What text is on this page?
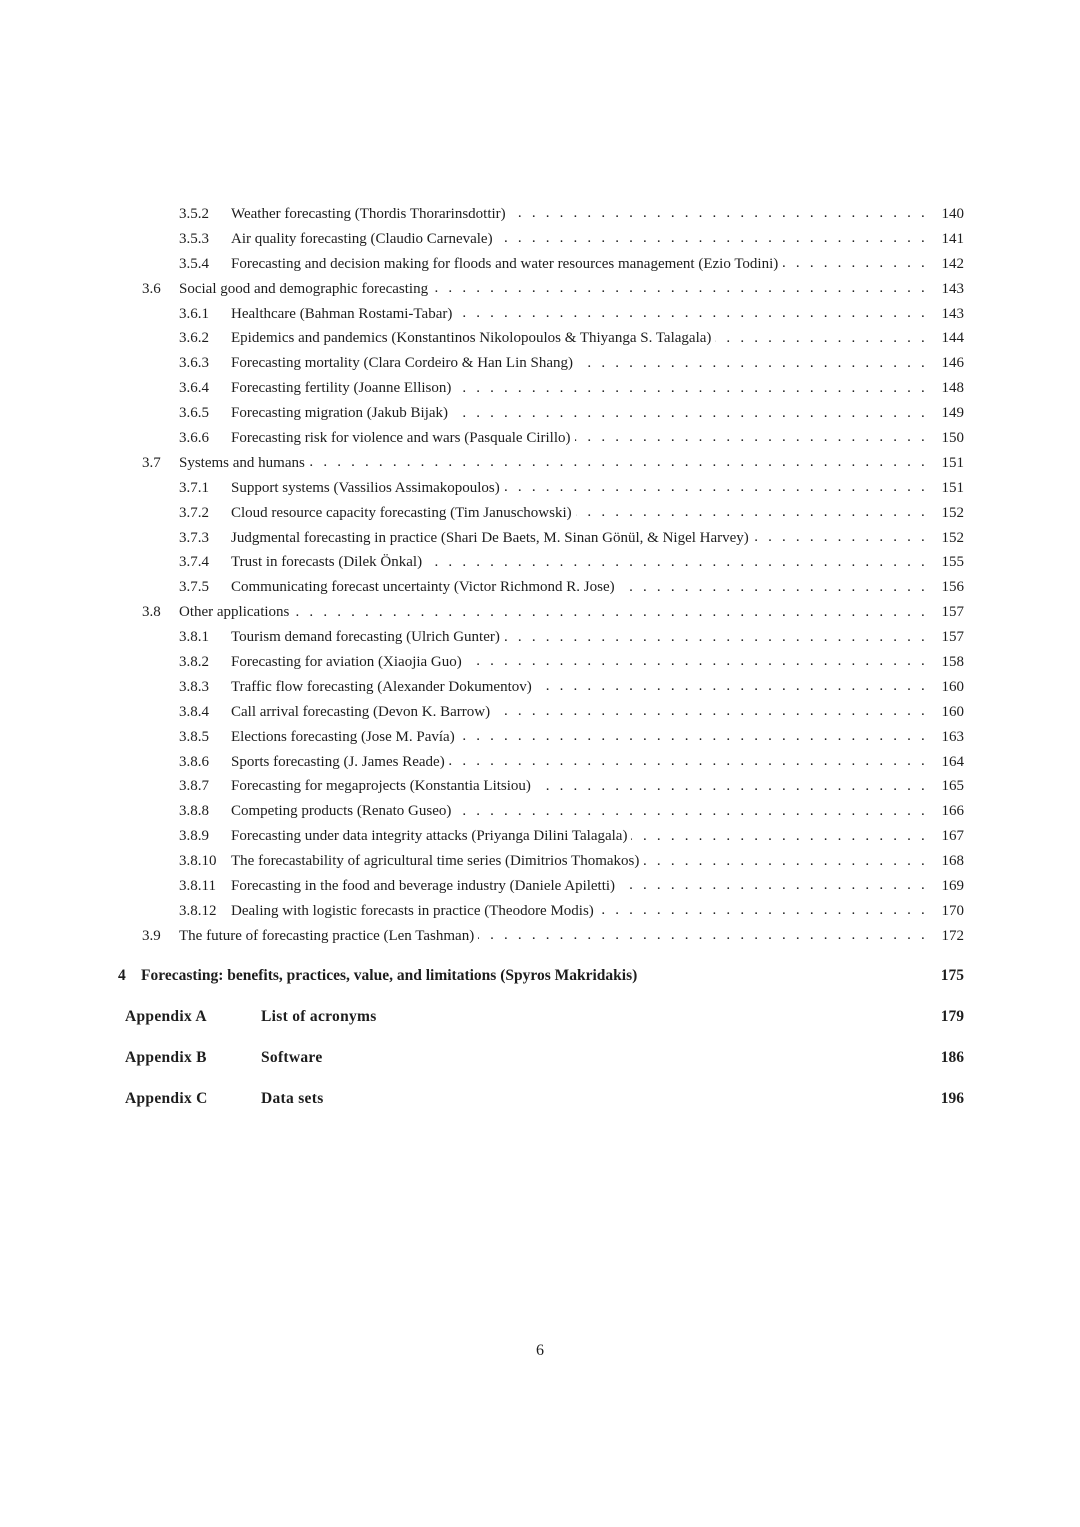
3.5.2	Weather forecasting (Thordis Thorarinsdottir) . . .	140
3.5.3	Air quality forecasting (Claudio Carnevale) . . .	141
3.5.4	Forecasting and decision making for floods and water resources management (Ezio Todini) . . .	142
3.6	Social good and demographic forecasting . . .	143
3.6.1	Healthcare (Bahman Rostami-Tabar) . . .	143
3.6.2	Epidemics and pandemics (Konstantinos Nikolopoulos & Thiyanga S. Talagala) . . .	144
3.6.3	Forecasting mortality (Clara Cordeiro & Han Lin Shang) . . .	146
3.6.4	Forecasting fertility (Joanne Ellison) . . .	148
3.6.5	Forecasting migration (Jakub Bijak) . . .	149
3.6.6	Forecasting risk for violence and wars (Pasquale Cirillo) . . .	150
3.7	Systems and humans . . .	151
3.7.1	Support systems (Vassilios Assimakopoulos) . . .	151
3.7.2	Cloud resource capacity forecasting (Tim Januschowski) . . .	152
3.7.3	Judgmental forecasting in practice (Shari De Baets, M. Sinan Gönül, & Nigel Harvey) . . .	152
3.7.4	Trust in forecasts (Dilek Önkal) . . .	155
3.7.5	Communicating forecast uncertainty (Victor Richmond R. Jose) . . .	156
3.8	Other applications . . .	157
3.8.1	Tourism demand forecasting (Ulrich Gunter) . . .	157
3.8.2	Forecasting for aviation (Xiaojia Guo) . . .	158
3.8.3	Traffic flow forecasting (Alexander Dokumentov) . . .	160
3.8.4	Call arrival forecasting (Devon K. Barrow) . . .	160
3.8.5	Elections forecasting (Jose M. Pavía) . . .	163
3.8.6	Sports forecasting (J. James Reade) . . .	164
3.8.7	Forecasting for megaprojects (Konstantia Litsiou) . . .	165
3.8.8	Competing products (Renato Guseo) . . .	166
3.8.9	Forecasting under data integrity attacks (Priyanga Dilini Talagala) . . .	167
3.8.10 The forecastability of agricultural time series (Dimitrios Thomakos) . . .	168
3.8.11	Forecasting in the food and beverage industry (Daniele Apiletti) . . .	169
3.8.12 Dealing with logistic forecasts in practice (Theodore Modis) . . .	170
3.9	The future of forecasting practice (Len Tashman) . . .	172
4 Forecasting: benefits, practices, value, and limitations (Spyros Makridakis)	175
Appendix A	List of acronyms	179
Appendix B	Software	186
Appendix C	Data sets	196
6
